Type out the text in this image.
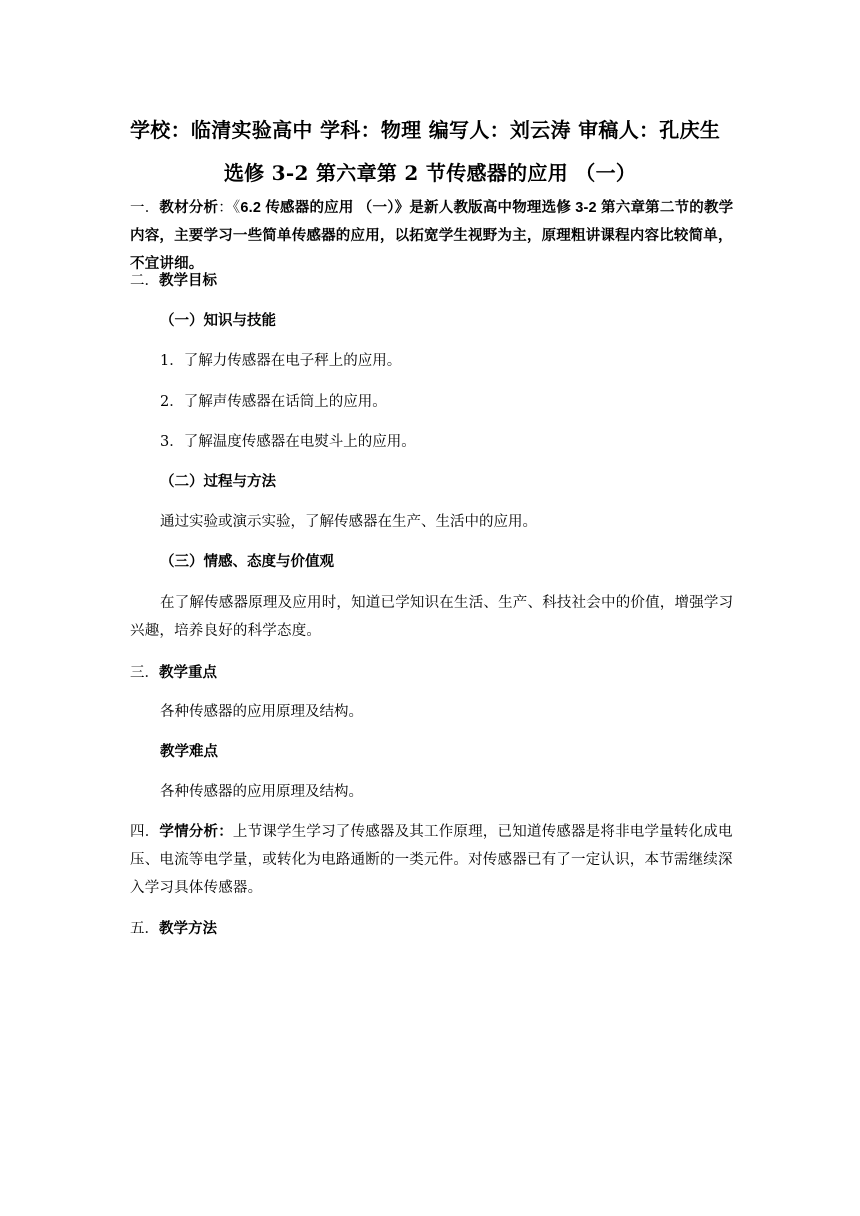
学校：临清实验高中 学科：物理 编写人：刘云涛 审稿人：孔庆生
选修 3-2 第六章第 2 节传感器的应用 （一）
一．教材分析：《6.2 传感器的应用 （一）》是新人教版高中物理选修 3-2 第六章第二节的教学内容，主要学习一些简单传感器的应用，以拓宽学生视野为主，原理粗讲课程内容比较简单，不宜讲细。
二．教学目标
（一）知识与技能
1．了解力传感器在电子秤上的应用。
2．了解声传感器在话筒上的应用。
3．了解温度传感器在电熨斗上的应用。
（二）过程与方法
通过实验或演示实验，了解传感器在生产、生活中的应用。
（三）情感、态度与价值观
在了解传感器原理及应用时，知道已学知识在生活、生产、科技社会中的价值，增强学习兴趣，培养良好的科学态度。
三．教学重点
各种传感器的应用原理及结构。
教学难点
各种传感器的应用原理及结构。
四．学情分析：上节课学生学习了传感器及其工作原理，已知道传感器是将非电学量转化成电压、电流等电学量，或转化为电路通断的一类元件。对传感器已有了一定认识，本节需继续深入学习具体传感器。
五．教学方法
